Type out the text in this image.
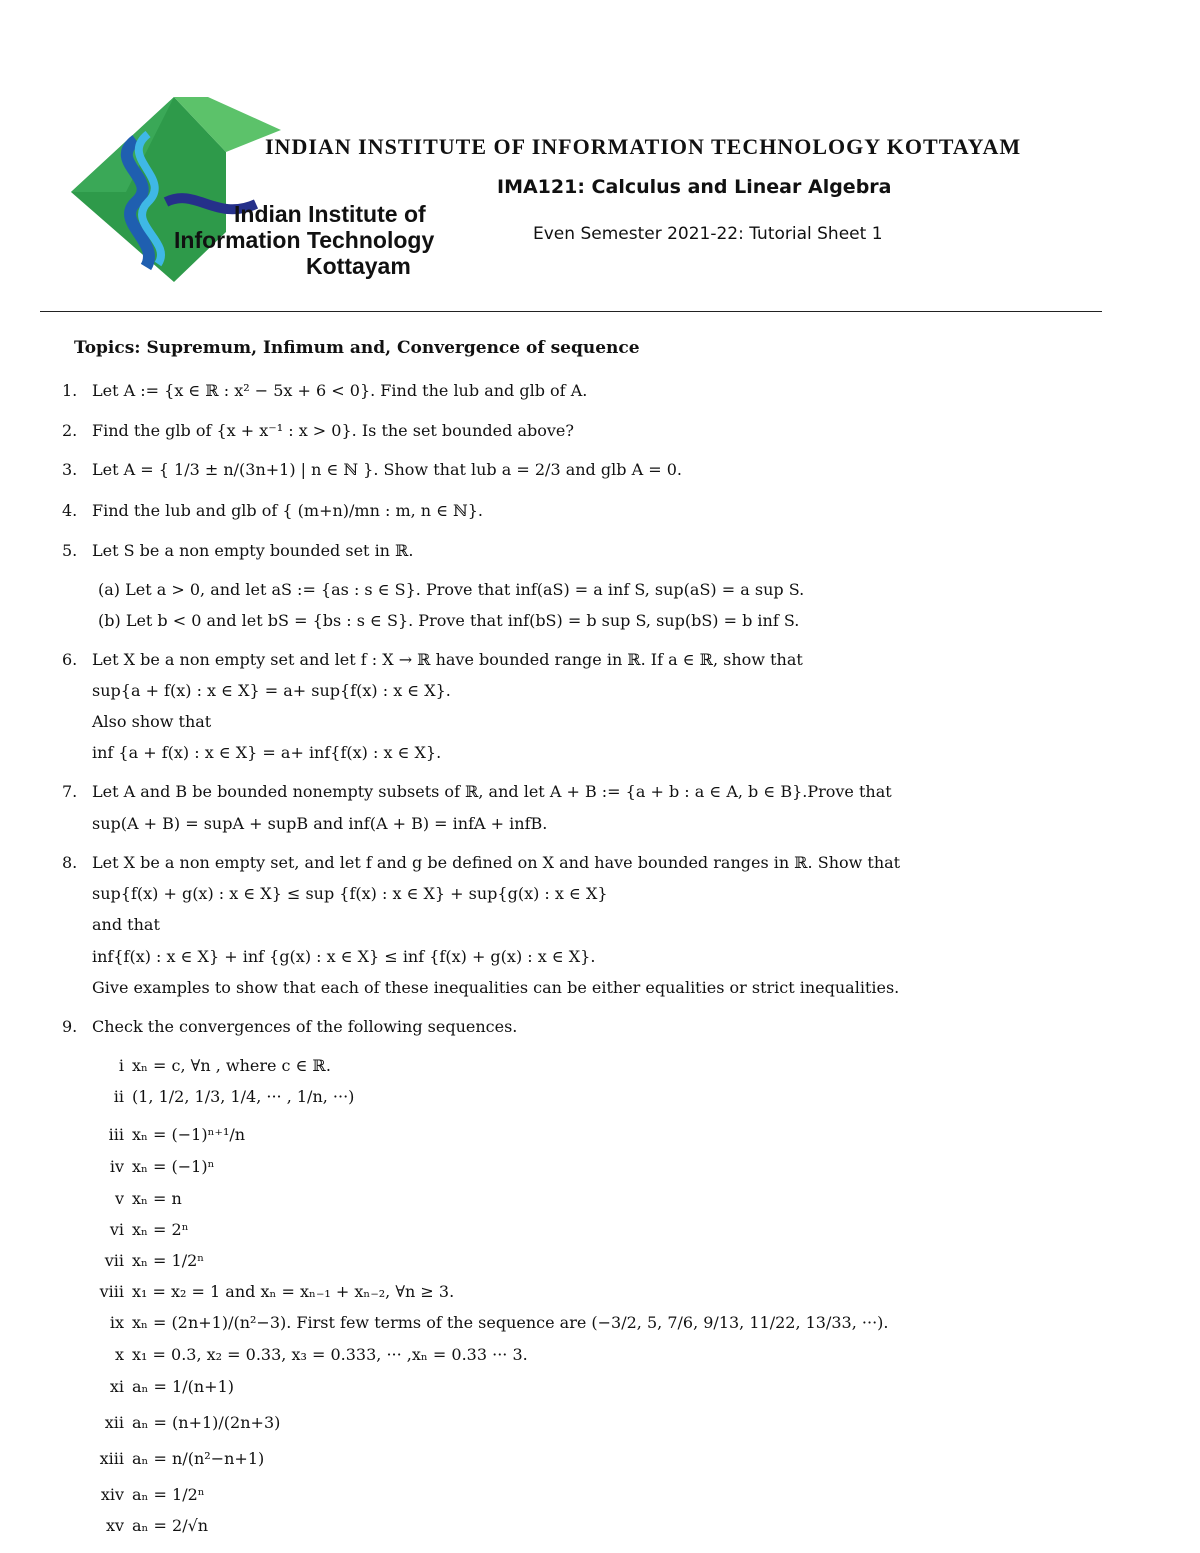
Indian Institute of
Information Technology
Kottayam
INDIAN INSTITUTE OF INFORMATION TECHNOLOGY KOTTAYAM
IMA121: Calculus and Linear Algebra
Even Semester 2021-22: Tutorial Sheet 1
Topics: Supremum, Infimum and, Convergence of sequence
1. Let A := {x ∈ ℝ : x² − 5x + 6 < 0}. Find the lub and glb of A.
2. Find the glb of {x + x⁻¹ : x > 0}. Is the set bounded above?
3. Let A = { 1/3 ± n/(3n+1) | n ∈ ℕ }. Show that lub a = 2/3 and glb A = 0.
4. Find the lub and glb of { (m+n)/mn : m, n ∈ ℕ}.
5. Let S be a non empty bounded set in ℝ.
(a) Let a > 0, and let aS := {as : s ∈ S}. Prove that inf(aS) = a inf S, sup(aS) = a sup S.
(b) Let b < 0 and let bS = {bs : s ∈ S}. Prove that inf(bS) = b sup S, sup(bS) = b inf S.
6. Let X be a non empty set and let f : X → ℝ have bounded range in ℝ. If a ∈ ℝ, show that
sup{a + f(x) : x ∈ X} = a+ sup{f(x) : x ∈ X}.
Also show that
inf {a + f(x) : x ∈ X} = a+ inf{f(x) : x ∈ X}.
7. Let A and B be bounded nonempty subsets of ℝ, and let A + B := {a + b : a ∈ A, b ∈ B}.Prove that
sup(A + B) = supA + supB and inf(A + B) = infA + infB.
8. Let X be a non empty set, and let f and g be defined on X and have bounded ranges in ℝ. Show that
sup{f(x) + g(x) : x ∈ X} ≤ sup {f(x) : x ∈ X} + sup{g(x) : x ∈ X}
and that
inf{f(x) : x ∈ X} + inf {g(x) : x ∈ X} ≤ inf {f(x) + g(x) : x ∈ X}.
Give examples to show that each of these inequalities can be either equalities or strict inequalities.
9. Check the convergences of the following sequences.
i xₙ = c, ∀n , where c ∈ ℝ.
ii (1, 1/2, 1/3, 1/4, ··· , 1/n, ···)
iii xₙ = (−1)ⁿ⁺¹/n
iv xₙ = (−1)ⁿ
v xₙ = n
vi xₙ = 2ⁿ
vii xₙ = 1/2ⁿ
viii x₁ = x₂ = 1 and xₙ = xₙ₋₁ + xₙ₋₂, ∀n ≥ 3.
ix xₙ = (2n+1)/(n²−3). First few terms of the sequence are (−3/2, 5, 7/6, 9/13, 11/22, 13/33, ···).
x x₁ = 0.3, x₂ = 0.33, x₃ = 0.333, ··· ,xₙ = 0.33 ··· 3.
xi aₙ = 1/(n+1)
xii aₙ = (n+1)/(2n+3)
xiii aₙ = n/(n²−n+1)
xiv aₙ = 1/2ⁿ
xv aₙ = 2/√n
